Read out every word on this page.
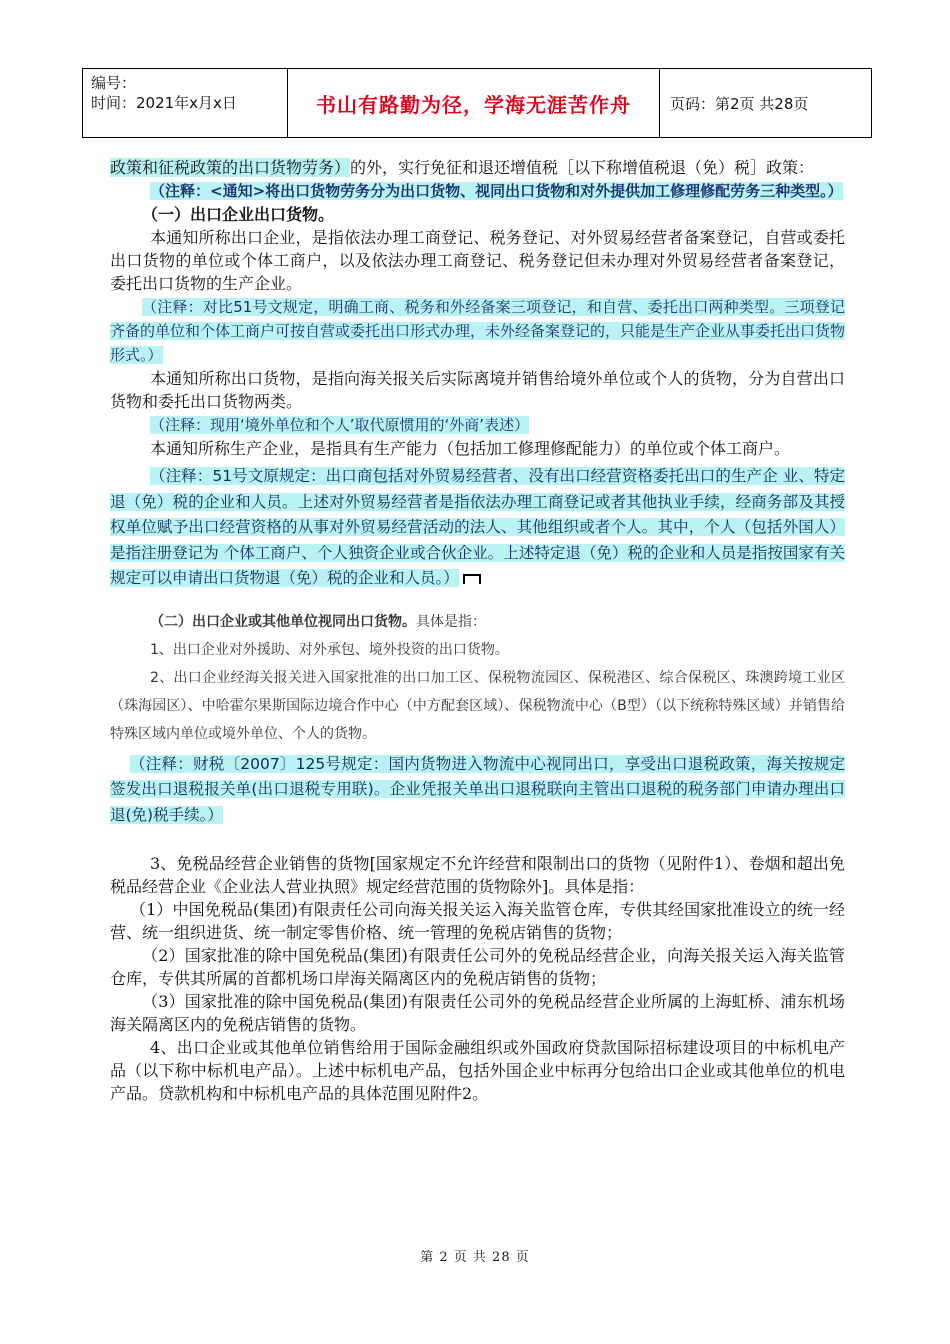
编号：
时间：2021年x月x日	书山有路勤为径，学海无涯苦作舟	页码：第2页 共28页

政策和征税政策的出口货物劳务）的外，实行免征和退还增值税［以下称增值税退（免）税］政策：

（注释：<通知>将出口货物劳务分为出口货物、视同出口货物和对外提供加工修理修配劳务三种类型。）

（一）出口企业出口货物。

本通知所称出口企业，是指依法办理工商登记、税务登记、对外贸易经营者备案登记，自营或委托出口货物的单位或个体工商户，以及依法办理工商登记、税务登记但未办理对外贸易经营者备案登记，委托出口货物的生产企业。

（注释：对比51号文规定，明确工商、税务和外经备案三项登记，和自营、委托出口两种类型。三项登记齐备的单位和个体工商户可按自营或委托出口形式办理，未外经备案登记的，只能是生产企业从事委托出口货物形式。）

本通知所称出口货物，是指向海关报关后实际离境并销售给境外单位或个人的货物，分为自营出口货物和委托出口货物两类。

（注释：现用‘境外单位和个人’取代原惯用的‘外商’表述）

本通知所称生产企业，是指具有生产能力（包括加工修理修配能力）的单位或个体工商户。

（注释：51号文原规定：出口商包括对外贸易经营者、没有出口经营资格委托出口的生产企 业、特定退（免）税的企业和人员。上述对外贸易经营者是指依法办理工商登记或者其他执业手续，经商务部及其授权单位赋予出口经营资格的从事对外贸易经营活动的法人、其他组织或者个人。其中，个人（包括外国人）是指注册登记为 个体工商户、个人独资企业或合伙企业。上述特定退（免）税的企业和人员是指按国家有关规定可以申请出口货物退（免）税的企业和人员。）

（二）出口企业或其他单位视同出口货物。具体是指：

1、出口企业对外援助、对外承包、境外投资的出口货物。

2、出口企业经海关报关进入国家批准的出口加工区、保税物流园区、保税港区、综合保税区、珠澳跨境工业区（珠海园区）、中哈霍尔果斯国际边境合作中心（中方配套区域）、保税物流中心（B型）（以下统称特殊区域）并销售给特殊区域内单位或境外单位、个人的货物。

（注释：财税〔2007〕125号规定：国内货物进入物流中心视同出口，享受出口退税政策，海关按规定签发出口退税报关单(出口退税专用联)。企业凭报关单出口退税联向主管出口退税的税务部门申请办理出口退(免)税手续。）

3、免税品经营企业销售的货物[国家规定不允许经营和限制出口的货物（见附件1）、卷烟和超出免税品经营企业《企业法人营业执照》规定经营范围的货物除外]。具体是指：

（1）中国免税品(集团)有限责任公司向海关报关运入海关监管仓库，专供其经国家批准设立的统一经营、统一组织进货、统一制定零售价格、统一管理的免税店销售的货物；

（2）国家批准的除中国免税品(集团)有限责任公司外的免税品经营企业，向海关报关运入海关监管仓库，专供其所属的首都机场口岸海关隔离区内的免税店销售的货物；

（3）国家批准的除中国免税品(集团)有限责任公司外的免税品经营企业所属的上海虹桥、浦东机场海关隔离区内的免税店销售的货物。

4、出口企业或其他单位销售给用于国际金融组织或外国政府贷款国际招标建设项目的中标机电产品（以下称中标机电产品）。上述中标机电产品，包括外国企业中标再分包给出口企业或其他单位的机电产品。贷款机构和中标机电产品的具体范围见附件2。

第 2 页 共 28 页
